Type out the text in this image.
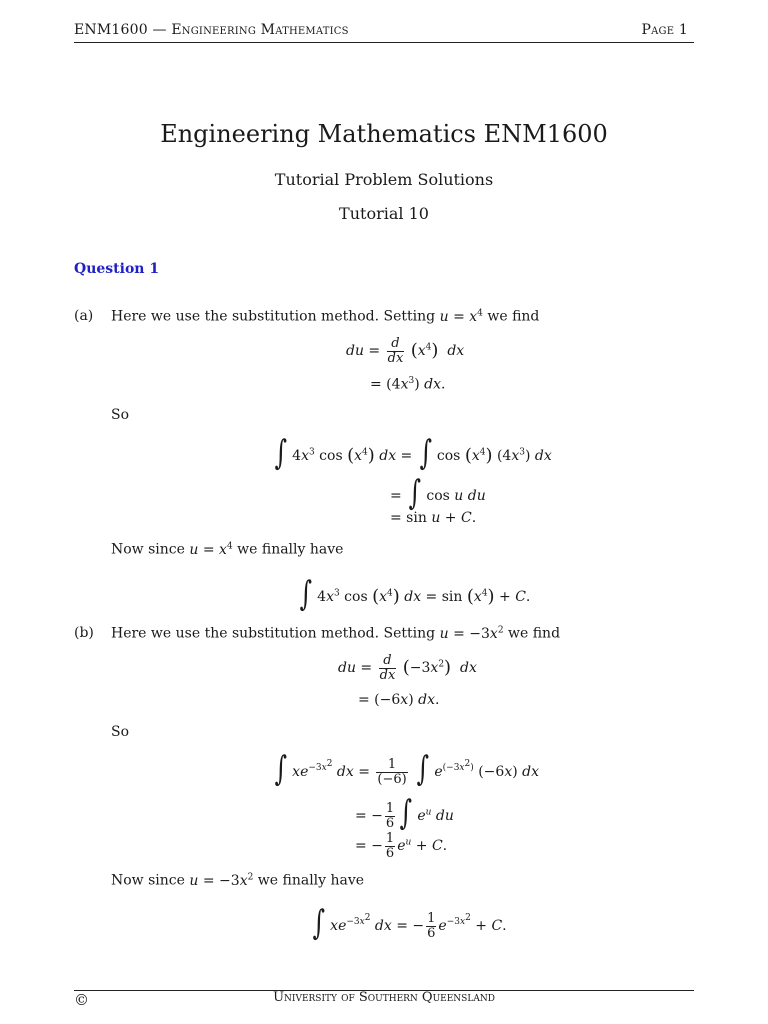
ENM1600 — Engineering Mathematics	Page 1
Engineering Mathematics ENM1600
Tutorial Problem Solutions
Tutorial 10
Question 1
(a) Here we use the substitution method. Setting $u = x^4$ we find
du = $\frac{d}{dx} (x^4)$ dx
= $(4x^3)$ dx.
So
∫ $4x^3$ $\cos (x^4)$ dx = ∫ $\cos (x^4)$ $(4x^3)$ dx
= ∫ cos u du
= sin u + C.
Now since $u = x^4$ we finally have
∫ $4x^3$ $\cos (x^4)$ dx = $\sin (x^4) + C$.
(b) Here we use the substitution method. Setting $u = -3x^2$ we find
du = $\frac{d}{dx} (-3x^2)$ dx
= (−6x) dx.
So
∫ $xe^{-3x^2}$ dx = $\frac{1}{(-6)}$ ∫ $e^{(-3x^2)}$ (−6x) dx
= − $\frac{1}{6}$ ∫ $e^u$ du
= − $\frac{1}{6} e^u + C$.
Now since $u = -3x^2$ we finally have
∫ $xe^{-3x^2}$ dx = − $\frac{1}{6} e^{-3x^2} + C$.
©	University of Southern Queensland
